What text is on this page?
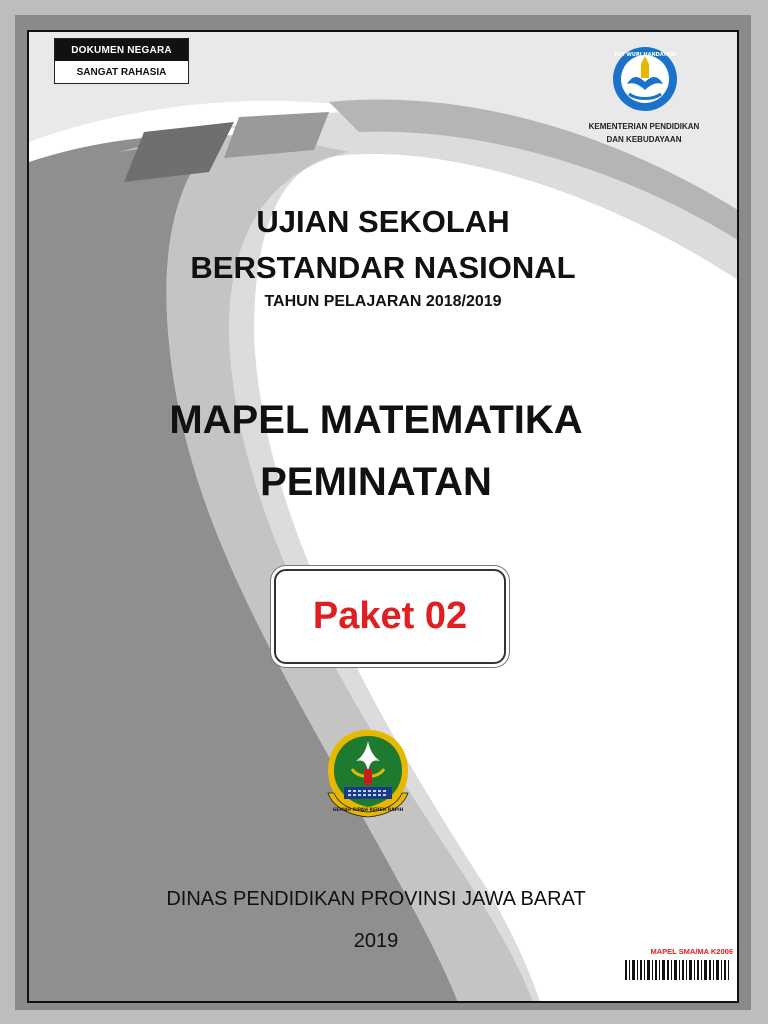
DOKUMEN NEGARA
SANGAT RAHASIA
TUT WURI HANDAYANI
KEMENTERIAN PENDIDIKAN
DAN KEBUDAYAAN
UJIAN SEKOLAH
BERSTANDAR NASIONAL
TAHUN PELAJARAN 2018/2019
MAPEL MATEMATIKA
PEMINATAN
Paket 02
GEMAH RIPAH REPEH RAPIH
DINAS PENDIDIKAN PROVINSI JAWA BARAT
2019	MAPEL SMA/MA K2006
